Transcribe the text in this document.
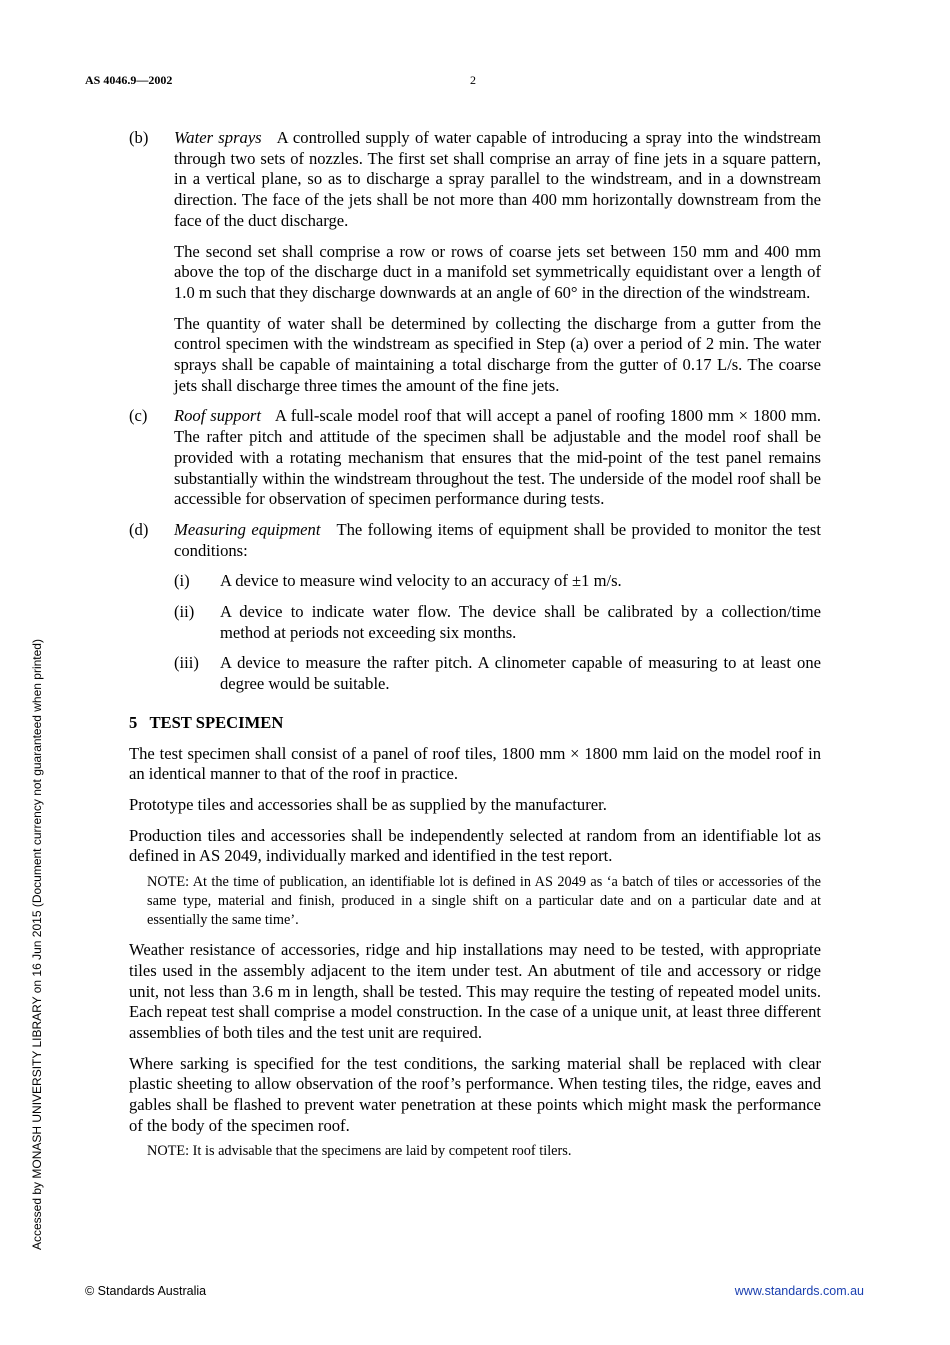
AS 4046.9—2002	2
Accessed by MONASH UNIVERSITY LIBRARY on 16 Jun 2015 (Document currency not guaranteed when printed)
(b) Water sprays A controlled supply of water capable of introducing a spray into the windstream through two sets of nozzles. The first set shall comprise an array of fine jets in a square pattern, in a vertical plane, so as to discharge a spray parallel to the windstream, and in a downstream direction. The face of the jets shall be not more than 400 mm horizontally downstream from the face of the duct discharge.

The second set shall comprise a row or rows of coarse jets set between 150 mm and 400 mm above the top of the discharge duct in a manifold set symmetrically equidistant over a length of 1.0 m such that they discharge downwards at an angle of 60° in the direction of the windstream.

The quantity of water shall be determined by collecting the discharge from a gutter from the control specimen with the windstream as specified in Step (a) over a period of 2 min. The water sprays shall be capable of maintaining a total discharge from the gutter of 0.17 L/s. The coarse jets shall discharge three times the amount of the fine jets.

(c) Roof support A full-scale model roof that will accept a panel of roofing 1800 mm × 1800 mm. The rafter pitch and attitude of the specimen shall be adjustable and the model roof shall be provided with a rotating mechanism that ensures that the mid-point of the test panel remains substantially within the windstream throughout the test. The underside of the model roof shall be accessible for observation of specimen performance during tests.

(d) Measuring equipment The following items of equipment shall be provided to monitor the test conditions:

(i) A device to measure wind velocity to an accuracy of ±1 m/s.

(ii) A device to indicate water flow. The device shall be calibrated by a collection/time method at periods not exceeding six months.

(iii) A device to measure the rafter pitch. A clinometer capable of measuring to at least one degree would be suitable.

5   TEST SPECIMEN

The test specimen shall consist of a panel of roof tiles, 1800 mm × 1800 mm laid on the model roof in an identical manner to that of the roof in practice.

Prototype tiles and accessories shall be as supplied by the manufacturer.

Production tiles and accessories shall be independently selected at random from an identifiable lot as defined in AS 2049, individually marked and identified in the test report.

NOTE: At the time of publication, an identifiable lot is defined in AS 2049 as ‘a batch of tiles or accessories of the same type, material and finish, produced in a single shift on a particular date and on a particular date and at essentially the same time’.

Weather resistance of accessories, ridge and hip installations may need to be tested, with appropriate tiles used in the assembly adjacent to the item under test. An abutment of tile and accessory or ridge unit, not less than 3.6 m in length, shall be tested. This may require the testing of repeated model units. Each repeat test shall comprise a model construction. In the case of a unique unit, at least three different assemblies of both tiles and the test unit are required.

Where sarking is specified for the test conditions, the sarking material shall be replaced with clear plastic sheeting to allow observation of the roof’s performance. When testing tiles, the ridge, eaves and gables shall be flashed to prevent water penetration at these points which might mask the performance of the body of the specimen roof.

NOTE: It is advisable that the specimens are laid by competent roof tilers.

© Standards Australia	www.standards.com.au
